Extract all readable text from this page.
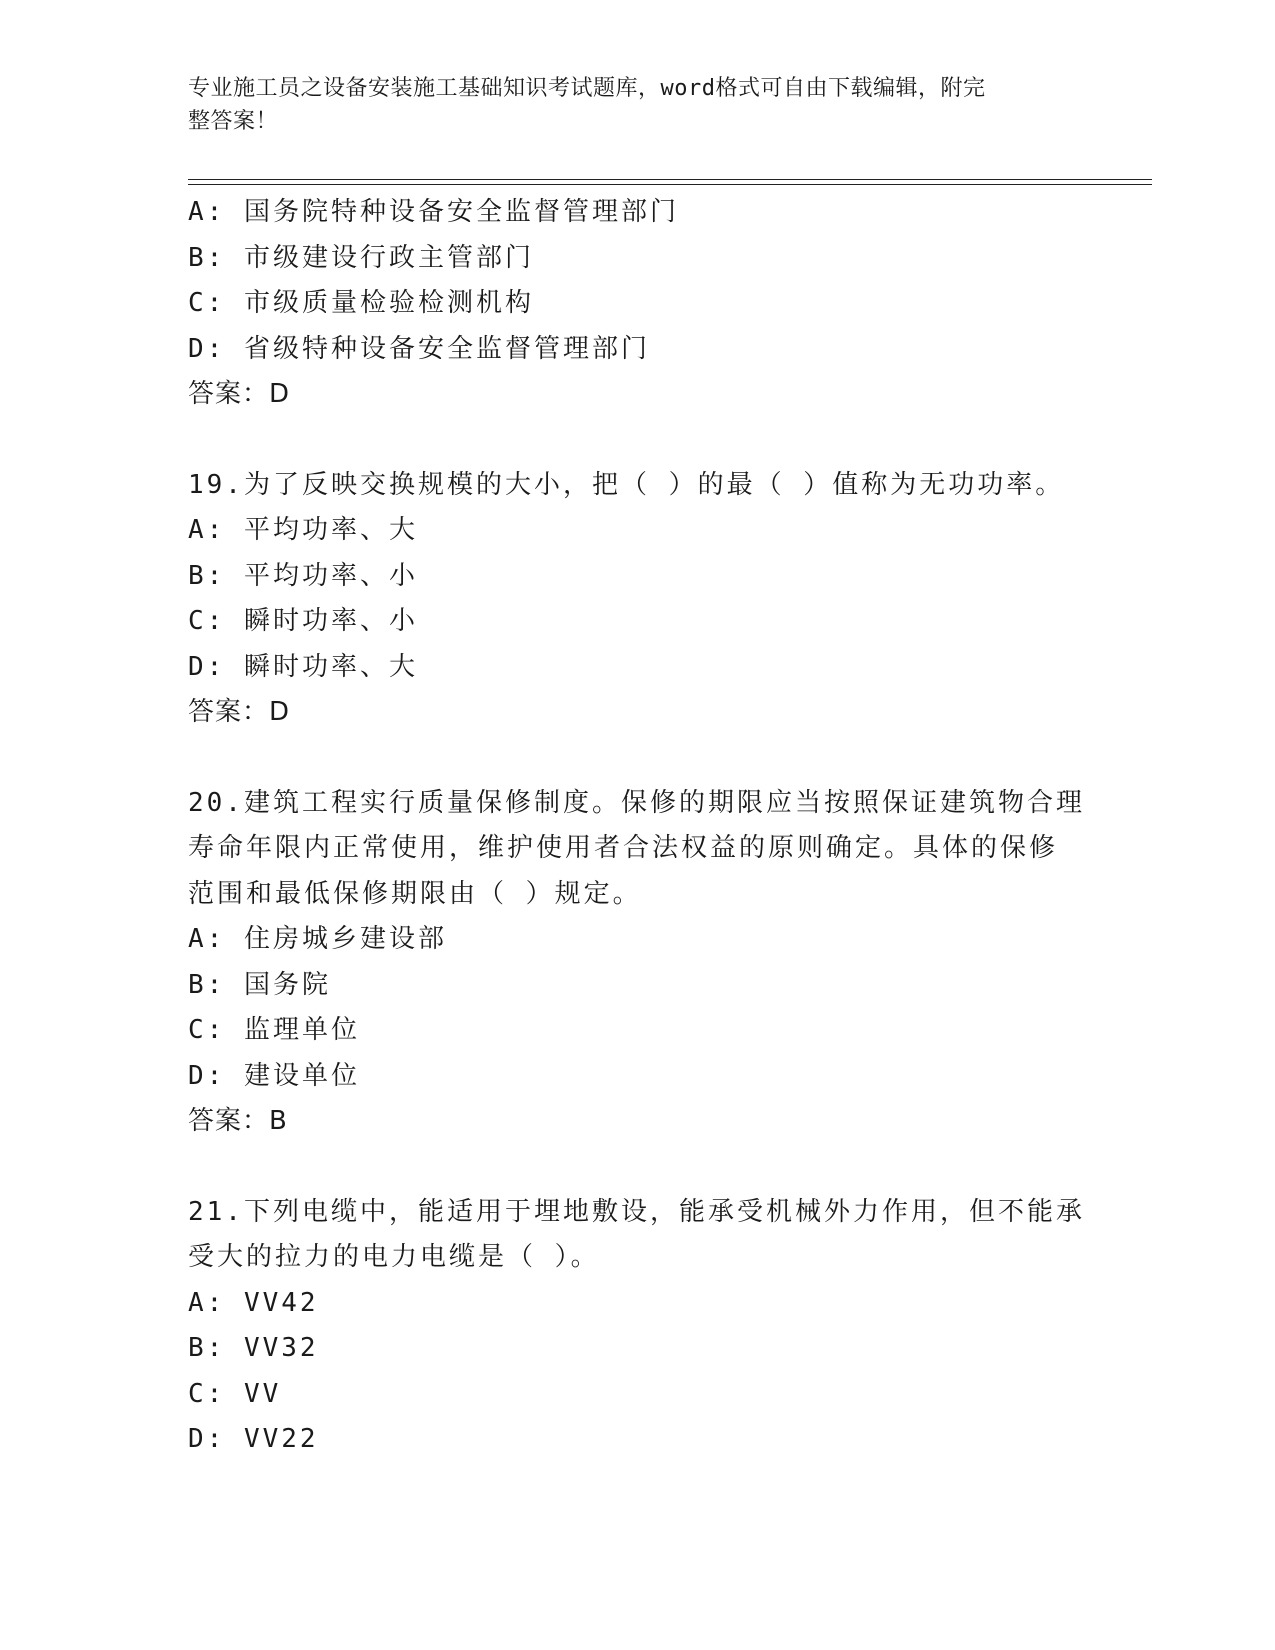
专业施工员之设备安装施工基础知识考试题库，word格式可自由下载编辑，附完
整答案！
A: 国务院特种设备安全监督管理部门
B: 市级建设行政主管部门
C: 市级质量检验检测机构
D: 省级特种设备安全监督管理部门
答案：D
19.为了反映交换规模的大小，把（ ）的最（ ）值称为无功功率。
A: 平均功率、大
B: 平均功率、小
C: 瞬时功率、小
D: 瞬时功率、大
答案：D
20.建筑工程实行质量保修制度。保修的期限应当按照保证建筑物合理
寿命年限内正常使用，维护使用者合法权益的原则确定。具体的保修
范围和最低保修期限由（ ）规定。
A: 住房城乡建设部
B: 国务院
C: 监理单位
D: 建设单位
答案：B
21.下列电缆中，能适用于埋地敷设，能承受机械外力作用，但不能承
受大的拉力的电力电缆是（ ）。
A: VV42
B: VV32
C: VV
D: VV22
